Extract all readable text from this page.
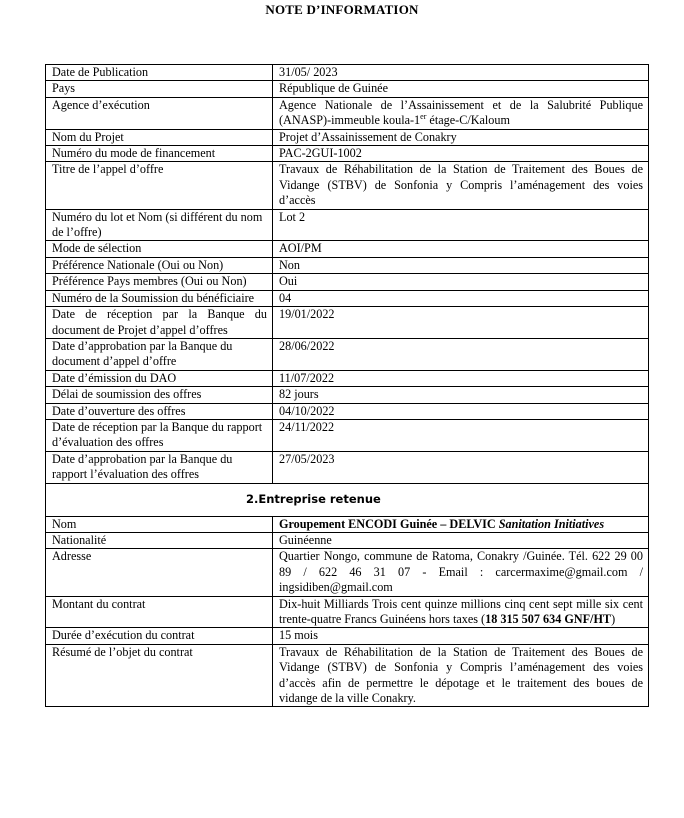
NOTE D’INFORMATION
Date de Publication	31/05/ 2023
Pays	République de Guinée
Agence d’exécution	Agence Nationale de l’Assainissement et de la Salubrité Publique (ANASP)-immeuble koula-1er étage-C/Kaloum
Nom du Projet	Projet d’Assainissement de Conakry
Numéro du mode de financement	PAC-2GUI-1002
Titre de l’appel d’offre	Travaux de Réhabilitation de la Station de Traitement des Boues de Vidange (STBV) de Sonfonia y Compris l’aménagement des voies d’accès
Numéro du lot et Nom (si différent du nom de l’offre)	Lot 2
Mode de sélection	AOI/PM
Préférence Nationale (Oui ou Non)	Non
Préférence Pays membres (Oui ou Non)	Oui
Numéro de la Soumission du bénéficiaire	04
Date de réception par la Banque du document de Projet d’appel d’offres	19/01/2022
Date d’approbation par la Banque du document d’appel d’offre	28/06/2022
Date d’émission du DAO	11/07/2022
Délai de soumission des offres	82 jours
Date d’ouverture des offres	04/10/2022
Date de réception par la Banque du rapport d’évaluation des offres	24/11/2022
Date d’approbation par la Banque du rapport l’évaluation des offres	27/05/2023
2.Entreprise retenue	
Nom	Groupement ENCODI Guinée – DELVIC Sanitation Initiatives
Nationalité	Guinéenne
Adresse	Quartier Nongo, commune de Ratoma, Conakry /Guinée. Tél. 622 29 00 89 / 622 46 31 07 - Email : carcermaxime@gmail.com / ingsidiben@gmail.com
Montant du contrat	Dix-huit Milliards Trois cent quinze millions cinq cent sept mille six cent trente-quatre Francs Guinéens hors taxes (18 315 507 634 GNF/HT)
Durée d’exécution du contrat	15 mois
Résumé de l’objet du contrat	Travaux de Réhabilitation de la Station de Traitement des Boues de Vidange (STBV) de Sonfonia y Compris l’aménagement des voies d’accès afin de permettre le dépotage et le traitement des boues de vidange de la ville Conakry.
